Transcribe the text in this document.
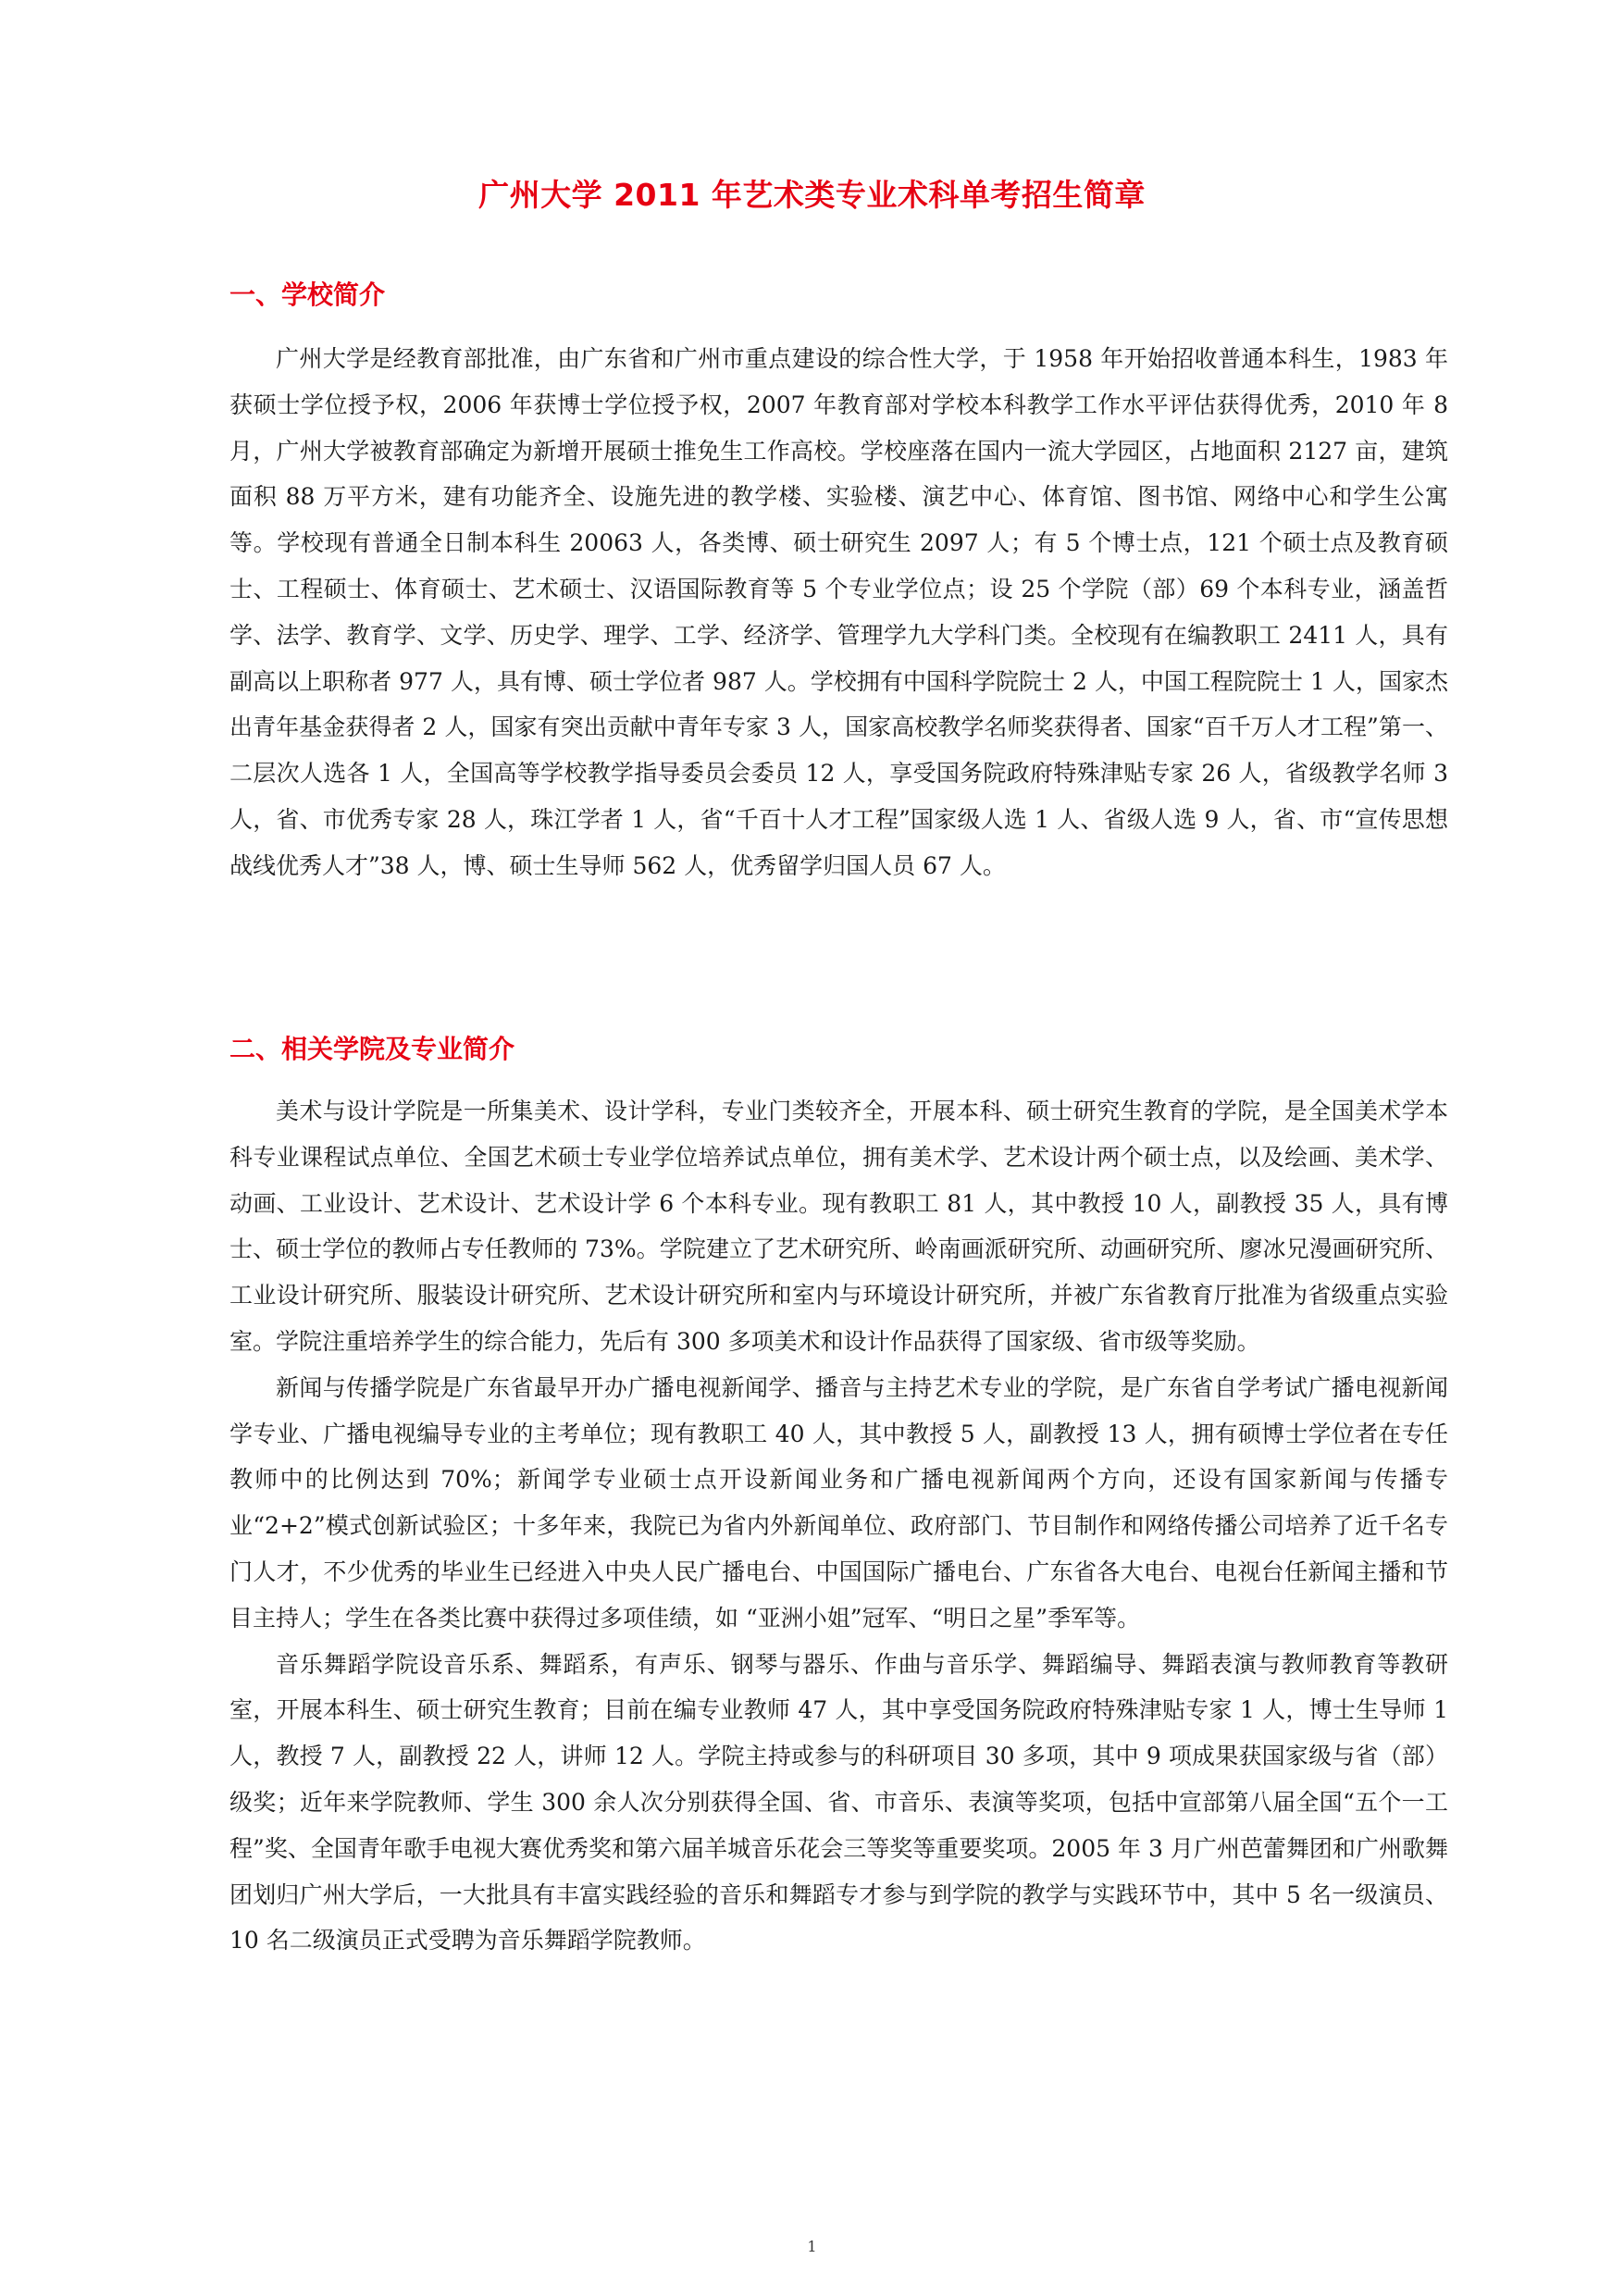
广州大学 2011 年艺术类专业术科单考招生简章
一、学校简介

广州大学是经教育部批准，由广东省和广州市重点建设的综合性大学，于 1958 年开始招收普通本科生，1983 年获硕士学位授予权，2006 年获博士学位授予权，2007 年教育部对学校本科教学工作水平评估获得优秀，2010 年 8 月，广州大学被教育部确定为新增开展硕士推免生工作高校。学校座落在国内一流大学园区，占地面积 2127 亩，建筑面积 88 万平方米，建有功能齐全、设施先进的教学楼、实验楼、演艺中心、体育馆、图书馆、网络中心和学生公寓等。学校现有普通全日制本科生 20063 人，各类博、硕士研究生 2097 人；有 5 个博士点，121 个硕士点及教育硕士、工程硕士、体育硕士、艺术硕士、汉语国际教育等 5 个专业学位点；设 25 个学院（部）69 个本科专业，涵盖哲学、法学、教育学、文学、历史学、理学、工学、经济学、管理学九大学科门类。全校现有在编教职工 2411 人，具有副高以上职称者 977 人，具有博、硕士学位者 987 人。学校拥有中国科学院院士 2 人，中国工程院院士 1 人，国家杰出青年基金获得者 2 人，国家有突出贡献中青年专家 3 人，国家高校教学名师奖获得者、国家“百千万人才工程”第一、二层次人选各 1 人，全国高等学校教学指导委员会委员 12 人，享受国务院政府特殊津贴专家 26 人，省级教学名师 3 人，省、市优秀专家 28 人，珠江学者 1 人，省“千百十人才工程”国家级人选 1 人、省级人选 9 人，省、市“宣传思想战线优秀人才”38 人，博、硕士生导师 562 人，优秀留学归国人员 67 人。

二、相关学院及专业简介

美术与设计学院是一所集美术、设计学科，专业门类较齐全，开展本科、硕士研究生教育的学院，是全国美术学本科专业课程试点单位、全国艺术硕士专业学位培养试点单位，拥有美术学、艺术设计两个硕士点，以及绘画、美术学、动画、工业设计、艺术设计、艺术设计学 6 个本科专业。现有教职工 81 人，其中教授 10 人，副教授 35 人，具有博士、硕士学位的教师占专任教师的 73%。学院建立了艺术研究所、岭南画派研究所、动画研究所、廖冰兄漫画研究所、工业设计研究所、服装设计研究所、艺术设计研究所和室内与环境设计研究所，并被广东省教育厅批准为省级重点实验室。学院注重培养学生的综合能力，先后有 300 多项美术和设计作品获得了国家级、省市级等奖励。

新闻与传播学院是广东省最早开办广播电视新闻学、播音与主持艺术专业的学院，是广东省自学考试广播电视新闻学专业、广播电视编导专业的主考单位；现有教职工 40 人，其中教授 5 人，副教授 13 人，拥有硕博士学位者在专任教师中的比例达到 70%；新闻学专业硕士点开设新闻业务和广播电视新闻两个方向，还设有国家新闻与传播专业“2+2”模式创新试验区；十多年来，我院已为省内外新闻单位、政府部门、节目制作和网络传播公司培养了近千名专门人才，不少优秀的毕业生已经进入中央人民广播电台、中国国际广播电台、广东省各大电台、电视台任新闻主播和节目主持人；学生在各类比赛中获得过多项佳绩，如 “亚洲小姐”冠军、“明日之星”季军等。

音乐舞蹈学院设音乐系、舞蹈系，有声乐、钢琴与器乐、作曲与音乐学、舞蹈编导、舞蹈表演与教师教育等教研室，开展本科生、硕士研究生教育；目前在编专业教师 47 人，其中享受国务院政府特殊津贴专家 1 人，博士生导师 1 人，教授 7 人，副教授 22 人，讲师 12 人。学院主持或参与的科研项目 30 多项，其中 9 项成果获国家级与省（部）级奖；近年来学院教师、学生 300 余人次分别获得全国、省、市音乐、表演等奖项，包括中宣部第八届全国“五个一工程”奖、全国青年歌手电视大赛优秀奖和第六届羊城音乐花会三等奖等重要奖项。2005 年 3 月广州芭蕾舞团和广州歌舞团划归广州大学后，一大批具有丰富实践经验的音乐和舞蹈专才参与到学院的教学与实践环节中，其中 5 名一级演员、10 名二级演员正式受聘为音乐舞蹈学院教师。

1
